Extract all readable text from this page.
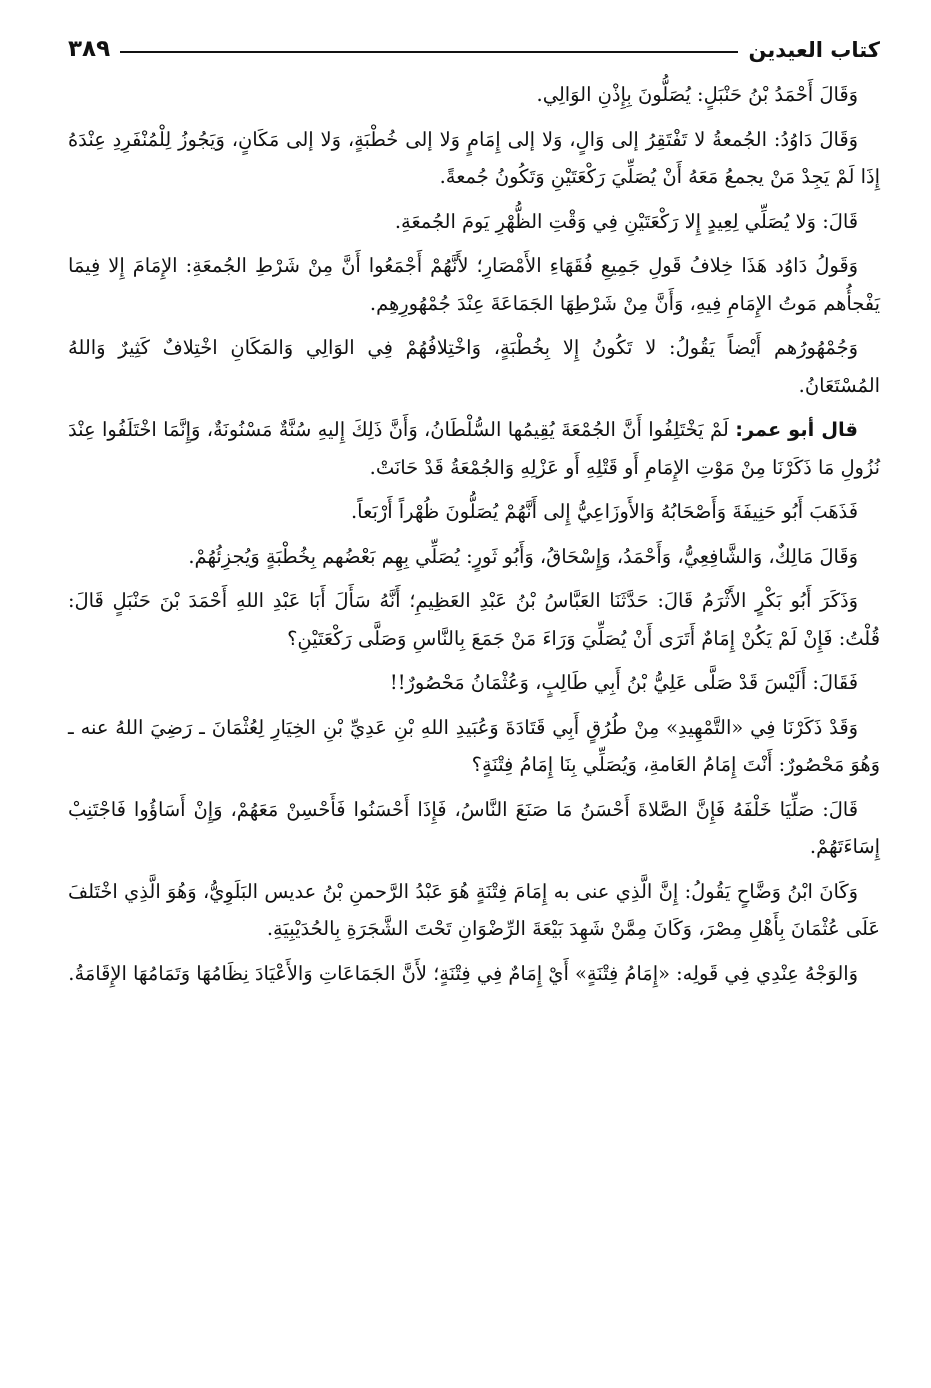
كتاب العيدين
٣٨٩

وَقَالَ أَحْمَدُ بْنُ حَنْبَلٍ: يُصَلُّونَ بِإِذْنِ الوَالِي.

وَقَالَ دَاوُدُ: الجُمعةُ لا تَفْتَقِرُ إلى وَالٍ، وَلا إلى إِمَامٍ وَلا إلى خُطْبَةٍ، وَلا إلى مَكَانٍ، وَيَجُوزُ لِلْمُنْفَرِدِ عِنْدَهُ إِذَا لَمْ يَجِدْ مَنْ يجمعُ مَعَهُ أَنْ يُصَلِّيَ رَكْعَتَيْنِ وَتَكُونُ جُمعةً.

قَالَ: وَلا يُصَلِّي لِعِيدٍ إِلا رَكْعَتَيْنِ فِي وَقْتِ الظُّهْرِ يَومَ الجُمعَةِ.

وَقَولُ دَاوُد هَذَا خِلافُ قَولِ جَمِيعِ فُقَهَاءِ الأَمْصَارِ؛ لأَنَّهُمْ أَجْمَعُوا أَنَّ مِنْ شَرْطِ الجُمعَةِ: الإِمَامَ إِلا فِيمَا يَفْجأُهم مَوتُ الإِمَامِ فِيهِ، وَأَنَّ مِنْ شَرْطِهَا الجَمَاعَةَ عِنْدَ جُمْهُورِهِم.

وَجُمْهُورُهم أَيْضاً يَقُولُ: لا تَكُونُ إِلا بِخُطْبَةٍ، وَاخْتِلافُهُمْ فِي الوَالِي وَالمَكَانِ اخْتِلافٌ كَثِيرٌ وَاللهُ المُسْتَعَانُ.

قال أبو عمر: لَمْ يَخْتَلِفُوا أَنَّ الجُمْعَةَ يُقِيمُها السُّلْطَانُ، وَأَنَّ ذَلِكَ إِليهِ سُنَّةٌ مَسْنُونَةٌ، وَإِنَّمَا اخْتَلَفُوا عِنْدَ نُزُولِ مَا ذَكَرْنَا مِنْ مَوْتِ الإِمَامِ أَو قَتْلِهِ أَو عَزْلِهِ وَالجُمْعَةُ قَدْ حَانَتْ.

فَذَهَبَ أَبُو حَنِيفَةَ وَأَصْحَابُهُ وَالأَوزَاعِيُّ إِلى أَنَّهُمْ يُصَلُّونَ ظُهْراً أَرْبَعاً.

وَقَالَ مَالِكٌ، وَالشَّافِعِيُّ، وَأَحْمَدُ، وَإِسْحَاقُ، وَأَبُو ثَورٍ: يُصَلِّي بِهِم بَعْضُهم بِخُطْبَةٍ وَيُجزِئُهُمْ.

وَذَكَرَ أَبُو بَكْرٍ الأَثْرَمُ قَالَ: حَدَّثَنَا العَبَّاسُ بْنُ عَبْدِ العَظِيمِ؛ أَنَّهُ سَأَلَ أَبَا عَبْدِ اللهِ أَحْمَدَ بْنَ حَنْبَلٍ قَالَ: قُلْتُ: فَإِنْ لَمْ يَكُنْ إِمَامٌ أَتَرَى أَنْ يُصَلِّيَ وَرَاءَ مَنْ جَمَعَ بِالنَّاسِ وَصَلَّى رَكْعَتَيْنِ؟

فَقَالَ: أَلَيْسَ قَدْ صَلَّى عَلِيُّ بْنُ أَبِي طَالِبٍ، وَعُثْمَانُ مَحْصُورٌ!!

وَقَدْ ذَكَرْنَا فِي «التَّمْهِيدِ» مِنْ طُرُقٍ أَبِي قَتَادَةَ وَعُبَيدِ اللهِ بْنِ عَدِيِّ بْنِ الخِيَارِ لِعُثْمَانَ ـ رَضِيَ اللهُ عنه ـ وَهُوَ مَحْصُورٌ: أَنْتَ إِمَامُ العَامةِ، وَيُصَلِّي بِنَا إِمَامُ فِتْنَةٍ؟

قَالَ: صَلِّيَا خَلْفَهُ فَإِنَّ الصَّلاةَ أَحْسَنُ مَا صَنَعَ النَّاسُ، فَإِذَا أَحْسَنُوا فَأَحْسِنْ مَعَهُمْ، وَإِنْ أَسَاؤُوا فَاجْتَنِبْ إِسَاءَتَهُمْ.

وَكَانَ ابْنُ وَضَّاحٍ يَقُولُ: إِنَّ الَّذِي عنى به إِمَامَ فِتْنَةٍ هُوَ عَبْدُ الرَّحمنِ بْنُ عديس البَلَوِيُّ، وَهُوَ الَّذِي اخْتَلفَ عَلَى عُثْمَانَ بِأَهْلِ مِصْرَ، وَكَانَ مِمَّنْ شَهِدَ بَيْعَةَ الرِّضْوَانِ تَحْتَ الشَّجَرَةِ بِالحُدَيْبِيَةِ.

وَالوَجْهُ عِنْدِي فِي قَولِه: «إِمَامُ فِتْنَةٍ» أَيْ إِمَامٌ فِي فِتْنَةٍ؛ لأَنَّ الجَمَاعَاتِ وَالأَعْيَادَ نِظَامُهَا وَتَمَامُهَا الإِقَامَةُ.
